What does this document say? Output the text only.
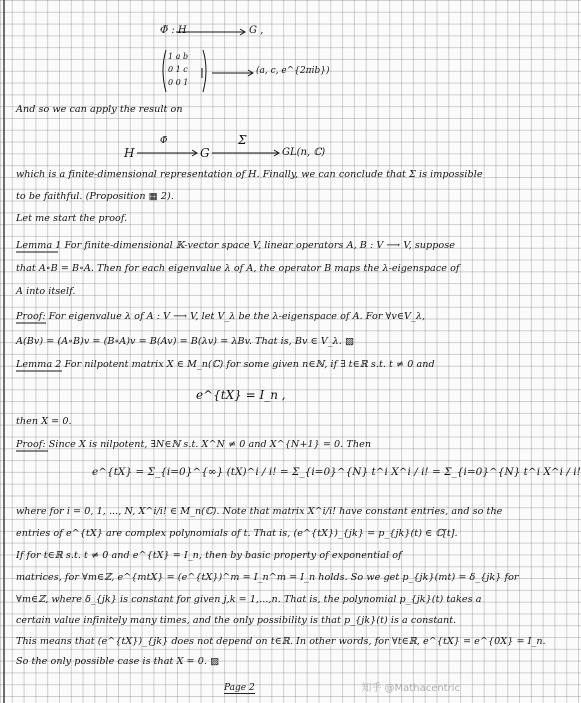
Φ̃ : H	G ,
1 a b
0 1 c
0 0 1
(a, c, e^{2πib})
And so we can apply the result on
Φ̃	Σ
H	G	GL(n, ℂ)
which is a finite-dimensional representation of H. Finally, we can conclude that Σ is impossible
to be faithful. (Proposition ▦ 2).
Let me start the proof.
Lemma 1 For finite-dimensional 𝕂-vector space V, linear operators A, B : V ⟶ V, suppose
that A∘B = B∘A. Then for each eigenvalue λ of A, the operator B maps the λ-eigenspace of
A into itself.
Proof: For eigenvalue λ of A : V ⟶ V, let V_λ be the λ-eigenspace of A. For ∀v∈V_λ,
A(Bv) = (A∘B)v = (B∘A)v = B(Av) = B(λv) = λBv. That is, Bv ∈ V_λ. ▨
Lemma 2 For nilpotent matrix X ∈ M_n(ℂ) for some given n∈ℕ, if ∃ t∈ℝ s.t. t ≠ 0 and
e^{tX} = I_n ,
then X = 0.
Proof: Since X is nilpotent, ∃N∈ℕ s.t. X^N ≠ 0 and X^{N+1} = 0. Then
e^{tX} = Σ_{i=0}^{∞} (tX)^i / i! = Σ_{i=0}^{N} t^i X^i / i! = Σ_{i=0}^{N} t^i X^i / i!
where for i = 0, 1, ..., N, X^i/i! ∈ M_n(ℂ). Note that matrix X^i/i! have constant entries, and so the
entries of e^{tX} are complex polynomials of t. That is, (e^{tX})_{jk} = p_{jk}(t) ∈ ℂ[t].
If for t∈ℝ s.t. t ≠ 0 and e^{tX} = I_n, then by basic property of exponential of
matrices, for ∀m∈ℤ, e^{mtX} = (e^{tX})^m = I_n^m = I_n holds. So we get p_{jk}(mt) = δ_{jk} for
∀m∈ℤ, where δ_{jk} is constant for given j,k = 1,...,n. That is, the polynomial p_{jk}(t) takes a
certain value infinitely many times, and the only possibility is that p_{jk}(t) is a constant.
This means that (e^{tX})_{jk} does not depend on t∈ℝ. In other words, for ∀t∈ℝ, e^{tX} = e^{0X} = I_n.
So the only possible case is that X = 0. ▨
Page 2	知乎 @Mathacentric
